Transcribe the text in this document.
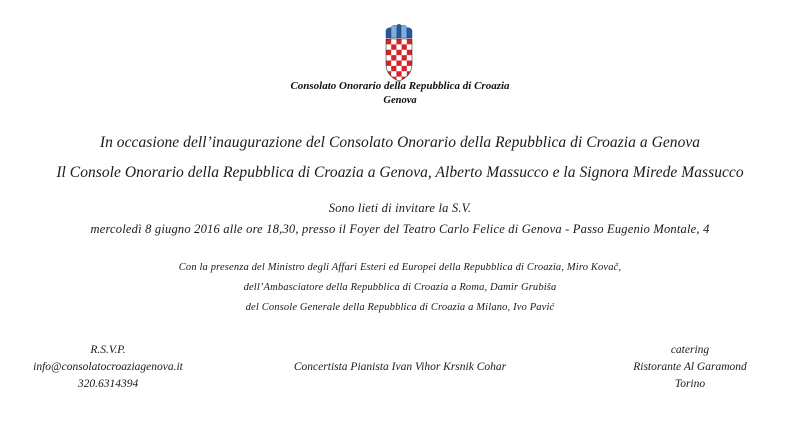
Consolato Onorario della Repubblica di Croazia
Genova
In occasione dell’inaugurazione del Consolato Onorario della Repubblica di Croazia a Genova
Il Console Onorario della Repubblica di Croazia a Genova, Alberto Massucco e la Signora Mirede Massucco
Sono lieti di invitare la S.V.
mercoledì 8 giugno 2016 alle ore 18,30, presso il Foyer del Teatro Carlo Felice di Genova - Passo Eugenio Montale, 4
Con la presenza del Ministro degli Affari Esteri ed Europei della Repubblica di Croazia, Miro Kovač,
dell’Ambasciatore della Repubblica di Croazia a Roma, Damir Grubiša
del Console Generale della Repubblica di Croazia a Milano, Ivo Pavić
R.S.V.P.
info@consolatocroaziagenova.it
320.6314394
Concertista Pianista Ivan Vihor Krsnik Cohar
catering
Ristorante Al Garamond
Torino
